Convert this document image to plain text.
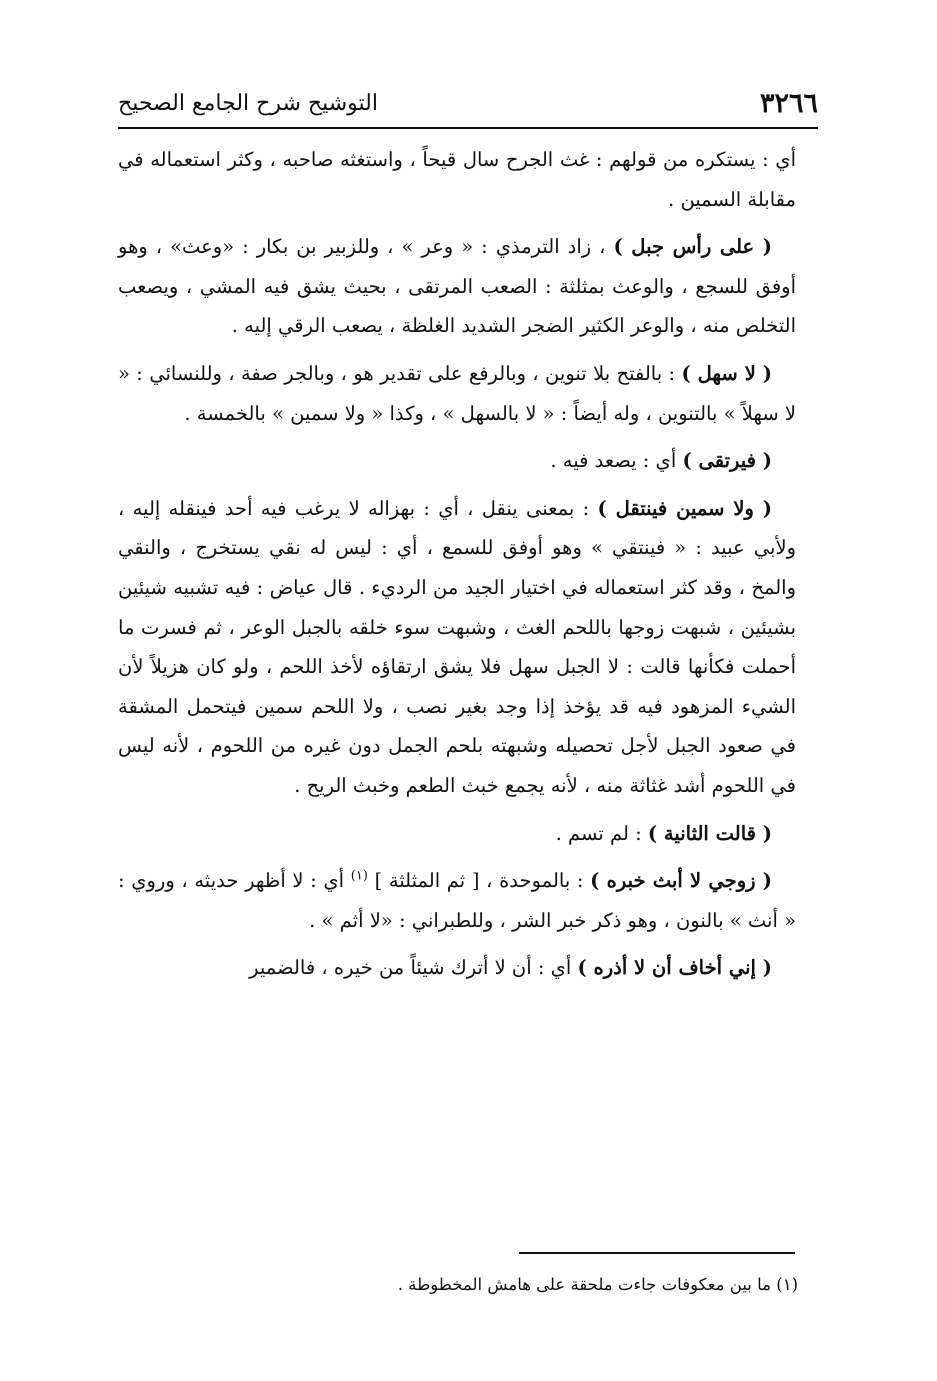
٣٢٦٦
التوشيح شرح الجامع الصحيح

أي : يستكره من قولهم : غث الجرح سال قيحاً ، واستغثه صاحبه ، وكثر استعماله في مقابلة السمين .

( على رأس جبل ) ، زاد الترمذي : « وعر » ، وللزبير بن بكار : «وعث» ، وهو أوفق للسجع ، والوعث بمثلثة : الصعب المرتقى ، بحيث يشق فيه المشي ، ويصعب التخلص منه ، والوعر الكثير الضجر الشديد الغلظة ، يصعب الرقي إليه .

( لا سهل ) : بالفتح بلا تنوين ، وبالرفع على تقدير هو ، وبالجر صفة ، وللنسائي : « لا سهلاً » بالتنوين ، وله أيضاً : « لا بالسهل » ، وكذا « ولا سمين » بالخمسة .

( فيرتقى ) أي : يصعد فيه .

( ولا سمين فينتقل ) : بمعنى ينقل ، أي : بهزاله لا يرغب فيه أحد فينقله إليه ، ولأبي عبيد : « فينتقي » وهو أوفق للسمع ، أي : ليس له نقي يستخرج ، والنقي والمخ ، وقد كثر استعماله في اختيار الجيد من الرديء . قال عياض : فيه تشبيه شيئين بشيئين ، شبهت زوجها باللحم الغث ، وشبهت سوء خلقه بالجبل الوعر ، ثم فسرت ما أحملت فكأنها قالت : لا الجبل سهل فلا يشق ارتقاؤه لأخذ اللحم ، ولو كان هزيلاً لأن الشيء المزهود فيه قد يؤخذ إذا وجد بغير نصب ، ولا اللحم سمين فيتحمل المشقة في صعود الجبل لأجل تحصيله وشبهته بلحم الجمل دون غيره من اللحوم ، لأنه ليس في اللحوم أشد غثاثة منه ، لأنه يجمع خبث الطعم وخبث الريح .

( قالت الثانية ) : لم تسم .

( زوجي لا أبث خبره ) : بالموحدة ، [ ثم المثلثة ] $^{(١)}$ أي : لا أظهر حديثه ، وروي : « أنث » بالنون ، وهو ذكر خبر الشر ، وللطبراني : «لا أثم » .

( إني أخاف أن لا أذره ) أي : أن لا أترك شيئاً من خيره ، فالضمير

(١) ما بين معكوفات جاءت ملحقة على هامش المخطوطة .
